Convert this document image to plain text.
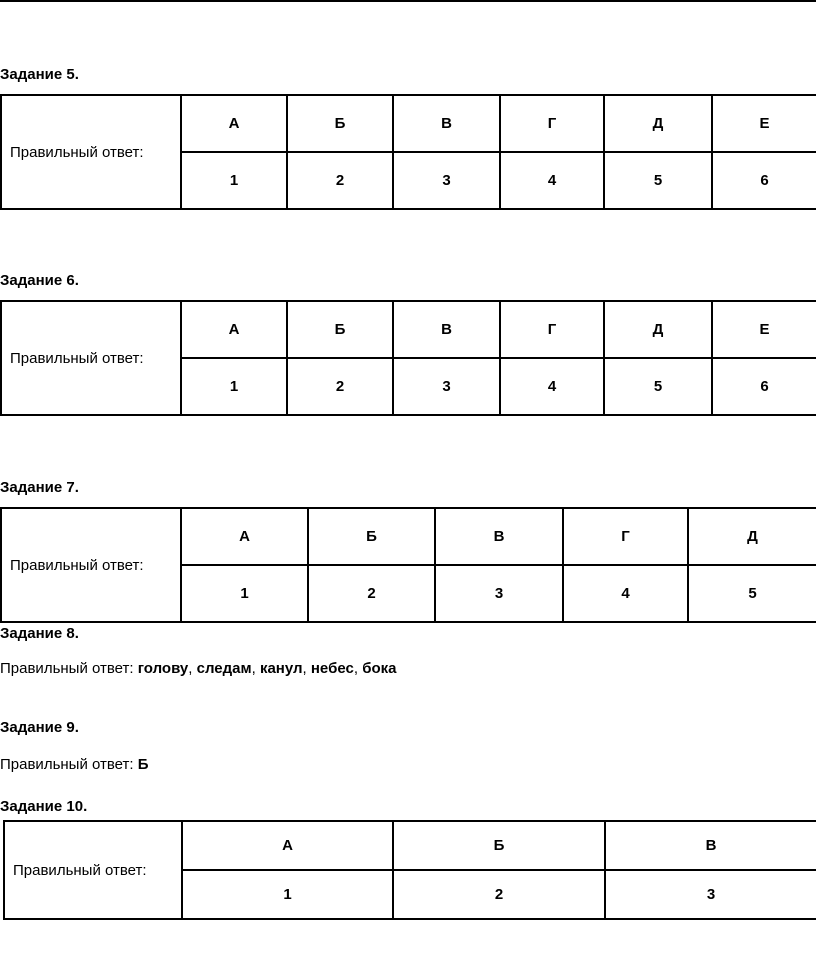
Задание 5.
Правильный ответ:	А	Б	В	Г	Д	Е
	1	2	3	4	5	6
Задание 6.
Правильный ответ:	А	Б	В	Г	Д	Е
	1	2	3	4	5	6
Задание 7.
Правильный ответ:	А	Б	В	Г	Д
	1	2	3	4	5
Задание 8.
Правильный ответ: голову, следам, канул, небес, бока
Задание 9.
Правильный ответ: Б
Задание 10.
Правильный ответ:	А	Б	В
	1	2	3
